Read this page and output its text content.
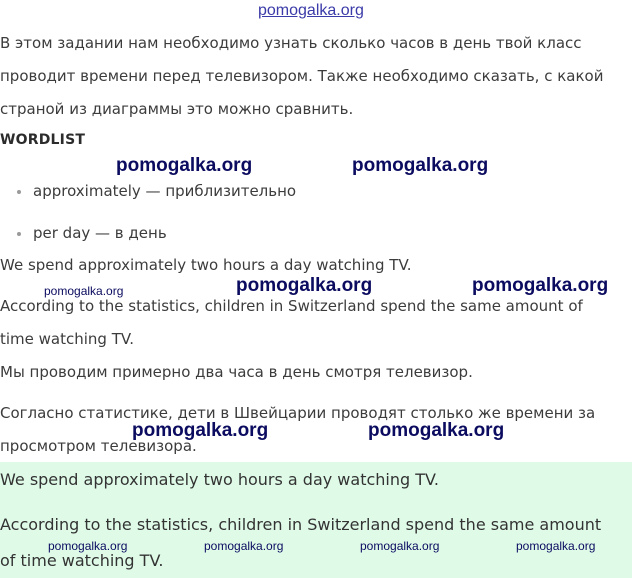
pomogalka.org
В этом задании нам необходимо узнать сколько часов в день твой класс
проводит времени перед телевизором. Также необходимо сказать, с какой
страной из диаграммы это можно сравнить.
WORDLIST
pomogalka.org	pomogalka.org
approximately — приблизительно
per day — в день
We spend approximately two hours a day watching TV.
pomogalka.org	pomogalka.org	pomogalka.org
According to the statistics, children in Switzerland spend the same amount of
time watching TV.
Мы проводим примерно два часа в день смотря телевизор.
Согласно статистике, дети в Швейцарии проводят столько же времени за
просмотром телевизора.
pomogalka.org	pomogalka.org
We spend approximately two hours a day watching TV.
According to the statistics, children in Switzerland spend the same amount
of time watching TV.
pomogalka.org	pomogalka.org	pomogalka.org	pomogalka.org
